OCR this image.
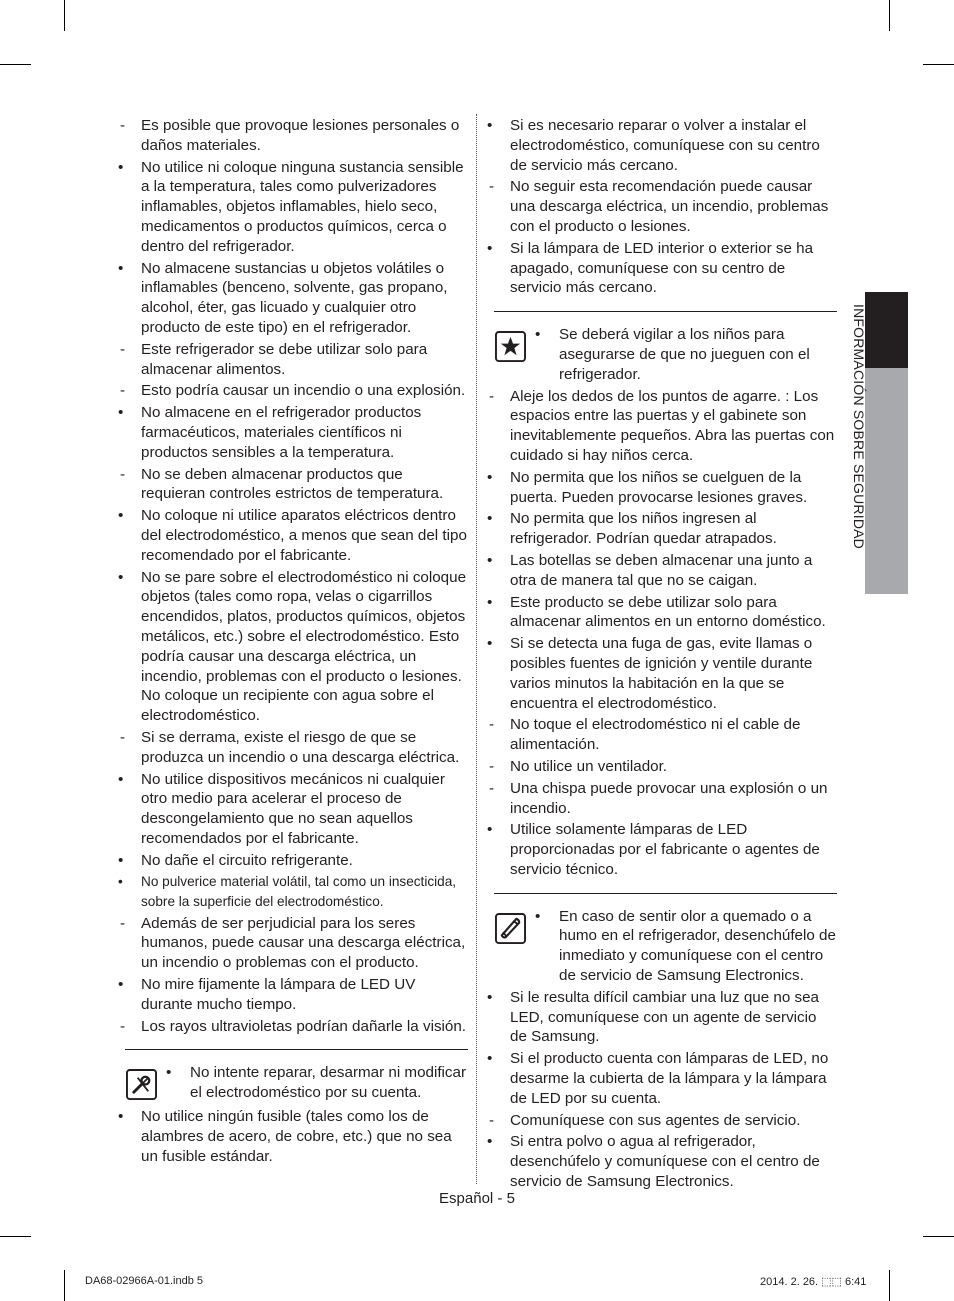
-	Es posible que provoque lesiones personales o daños materiales.
•	No utilice ni coloque ninguna sustancia sensible a la temperatura, tales como pulverizadores inflamables, objetos inflamables, hielo seco, medicamentos o productos químicos, cerca o dentro del refrigerador.
•	No almacene sustancias u objetos volátiles o inflamables (benceno, solvente, gas propano, alcohol, éter, gas licuado y cualquier otro producto de este tipo) en el refrigerador.
-	Este refrigerador se debe utilizar solo para almacenar alimentos.
-	Esto podría causar un incendio o una explosión.
•	No almacene en el refrigerador productos farmacéuticos, materiales científicos ni productos sensibles a la temperatura.
-	No se deben almacenar productos que requieran controles estrictos de temperatura.
•	No coloque ni utilice aparatos eléctricos dentro del electrodoméstico, a menos que sean del tipo recomendado por el fabricante.
•	No se pare sobre el electrodoméstico ni coloque objetos (tales como ropa, velas o cigarrillos encendidos, platos, productos químicos, objetos metálicos, etc.) sobre el electrodoméstico. Esto podría causar una descarga eléctrica, un incendio, problemas con el producto o lesiones. No coloque un recipiente con agua sobre el electrodoméstico.
-	Si se derrama, existe el riesgo de que se produzca un incendio o una descarga eléctrica.
•	No utilice dispositivos mecánicos ni cualquier otro medio para acelerar el proceso de descongelamiento que no sean aquellos recomendados por el fabricante.
•	No dañe el circuito refrigerante.
•	No pulverice material volátil, tal como un insecticida, sobre la superficie del electrodoméstico.
-	Además de ser perjudicial para los seres humanos, puede causar una descarga eléctrica, un incendio o problemas con el producto.
•	No mire fijamente la lámpara de LED UV durante mucho tiempo.
-	Los rayos ultravioletas podrían dañarle la visión.
•	No intente reparar, desarmar ni modificar el electrodoméstico por su cuenta.
•	No utilice ningún fusible (tales como los de alambres de acero, de cobre, etc.) que no sea un fusible estándar.
•	Si es necesario reparar o volver a instalar el electrodoméstico, comuníquese con su centro de servicio más cercano.
-	No seguir esta recomendación puede causar una descarga eléctrica, un incendio, problemas con el producto o lesiones.
•	Si la lámpara de LED interior o exterior se ha apagado, comuníquese con su centro de servicio más cercano.
•	Se deberá vigilar a los niños para asegurarse de que no jueguen con el refrigerador.
-	Aleje los dedos de los puntos de agarre. : Los espacios entre las puertas y el gabinete son inevitablemente pequeños. Abra las puertas con cuidado si hay niños cerca.
•	No permita que los niños se cuelguen de la puerta. Pueden provocarse lesiones graves.
•	No permita que los niños ingresen al refrigerador. Podrían quedar atrapados.
•	Las botellas se deben almacenar una junto a otra de manera tal que no se caigan.
•	Este producto se debe utilizar solo para almacenar alimentos en un entorno doméstico.
•	Si se detecta una fuga de gas, evite llamas o posibles fuentes de ignición y ventile durante varios minutos la habitación en la que se encuentra el electrodoméstico.
-	No toque el electrodoméstico ni el cable de alimentación.
-	No utilice un ventilador.
-	Una chispa puede provocar una explosión o un incendio.
•	Utilice solamente lámparas de LED proporcionadas por el fabricante o agentes de servicio técnico.
•	En caso de sentir olor a quemado o a humo en el refrigerador, desenchúfelo de inmediato y comuníquese con el centro de servicio de Samsung Electronics.
•	Si le resulta difícil cambiar una luz que no sea LED, comuníquese con un agente de servicio de Samsung.
•	Si el producto cuenta con lámparas de LED, no desarme la cubierta de la lámpara y la lámpara de LED por su cuenta.
-	Comuníquese con sus agentes de servicio.
•	Si entra polvo o agua al refrigerador, desenchúfelo y comuníquese con el centro de servicio de Samsung Electronics.
INFORMACIÓN SOBRE SEGURIDAD
Español - 5
DA68-02966A-01.indb 5	2014. 2. 26. ⬚⬚ 6:41
